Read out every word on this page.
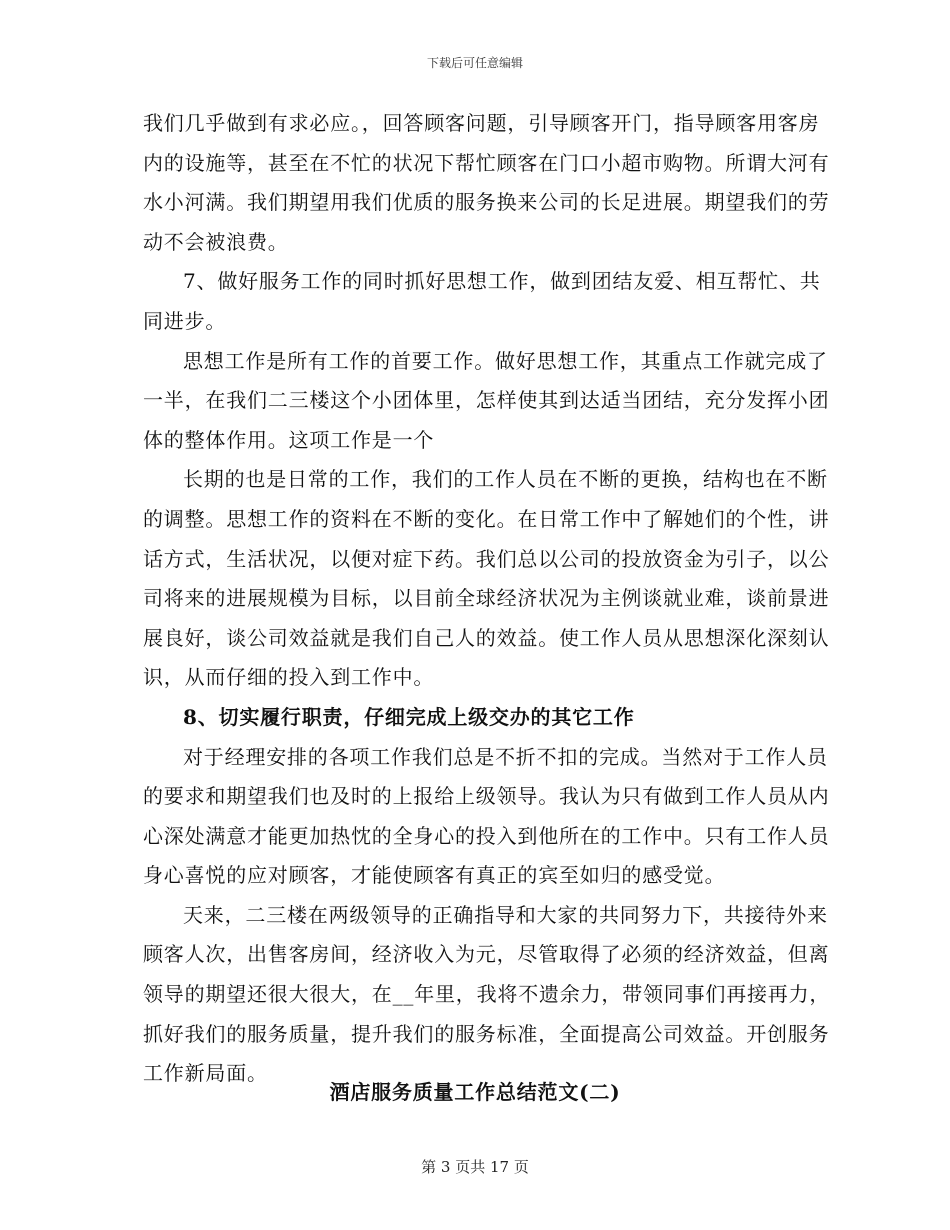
下载后可任意编辑

我们几乎做到有求必应。，回答顾客问题，引导顾客开门，指导顾客用客房内的设施等，甚至在不忙的状况下帮忙顾客在门口小超市购物。所谓大河有水小河满。我们期望用我们优质的服务换来公司的长足进展。期望我们的劳动不会被浪费。

7、做好服务工作的同时抓好思想工作，做到团结友爱、相互帮忙、共同进步。

思想工作是所有工作的首要工作。做好思想工作，其重点工作就完成了一半，在我们二三楼这个小团体里，怎样使其到达适当团结，充分发挥小团体的整体作用。这项工作是一个

长期的也是日常的工作，我们的工作人员在不断的更换，结构也在不断的调整。思想工作的资料在不断的变化。在日常工作中了解她们的个性，讲话方式，生活状况，以便对症下药。我们总以公司的投放资金为引子，以公司将来的进展规模为目标，以目前全球经济状况为主例谈就业难，谈前景进展良好，谈公司效益就是我们自己人的效益。使工作人员从思想深化深刻认识，从而仔细的投入到工作中。

8、切实履行职责，仔细完成上级交办的其它工作

对于经理安排的各项工作我们总是不折不扣的完成。当然对于工作人员的要求和期望我们也及时的上报给上级领导。我认为只有做到工作人员从内心深处满意才能更加热忱的全身心的投入到他所在的工作中。只有工作人员身心喜悦的应对顾客，才能使顾客有真正的宾至如归的感受觉。

天来，二三楼在两级领导的正确指导和大家的共同努力下，共接待外来顾客人次，出售客房间，经济收入为元，尽管取得了必须的经济效益，但离领导的期望还很大很大，在__年里，我将不遗余力，带领同事们再接再力，抓好我们的服务质量，提升我们的服务标准，全面提高公司效益。开创服务工作新局面。

酒店服务质量工作总结范文(二)
第 3 页共 17 页
